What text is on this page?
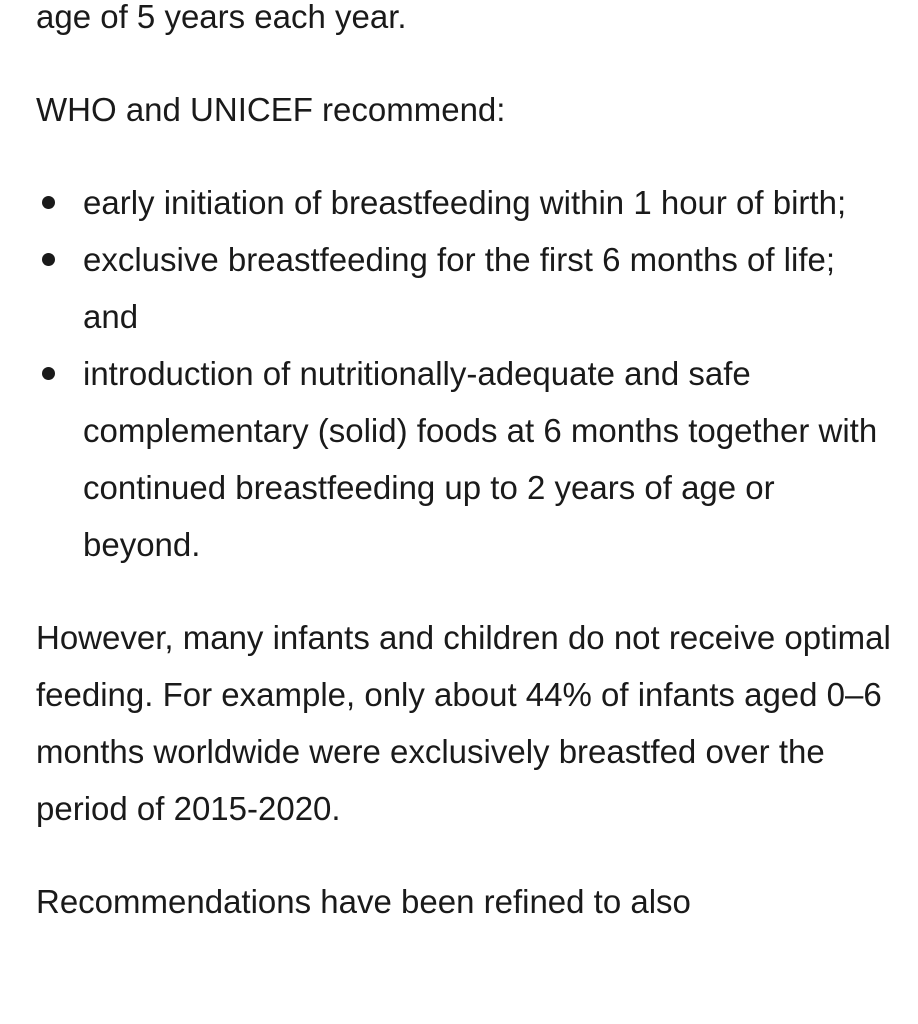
age of 5 years each year.

WHO and UNICEF recommend:

early initiation of breastfeeding within 1 hour of birth;
exclusive breastfeeding for the first 6 months of life; and
introduction of nutritionally-adequate and safe complementary (solid) foods at 6 months together with continued breastfeeding up to 2 years of age or beyond.

However, many infants and children do not receive optimal feeding. For example, only about 44% of infants aged 0–6 months worldwide were exclusively breastfed over the period of 2015-2020.

Recommendations have been refined to also
